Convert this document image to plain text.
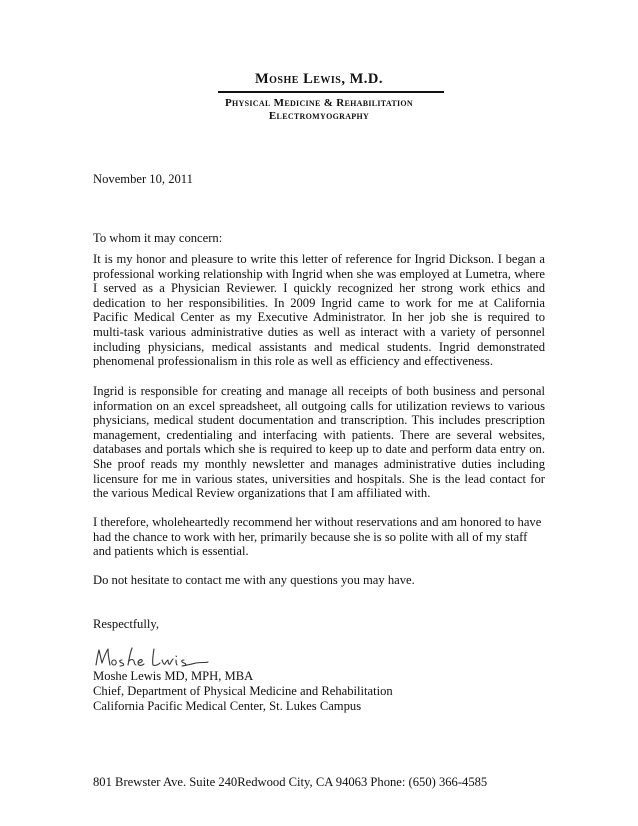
Moshe Lewis, M.D.
Physical Medicine & Rehabilitation
Electromyography
November 10, 2011
To whom it may concern:
It is my honor and pleasure to write this letter of reference for Ingrid Dickson. I began a professional working relationship with Ingrid when she was employed at Lumetra, where I served as a Physician Reviewer. I quickly recognized her strong work ethics and dedication to her responsibilities. In 2009 Ingrid came to work for me at California Pacific Medical Center as my Executive Administrator. In her job she is required to multi-task various administrative duties as well as interact with a variety of personnel including physicians, medical assistants and medical students. Ingrid demonstrated phenomenal professionalism in this role as well as efficiency and effectiveness.
Ingrid is responsible for creating and manage all receipts of both business and personal information on an excel spreadsheet, all outgoing calls for utilization reviews to various physicians, medical student documentation and transcription. This includes prescription management, credentialing and interfacing with patients. There are several websites, databases and portals which she is required to keep up to date and perform data entry on. She proof reads my monthly newsletter and manages administrative duties including licensure for me in various states, universities and hospitals. She is the lead contact for the various Medical Review organizations that I am affiliated with.
I therefore, wholeheartedly recommend her without reservations and am honored to have had the chance to work with her, primarily because she is so polite with all of my staff and patients which is essential.
Do not hesitate to contact me with any questions you may have.
Respectfully,
Moshe Lewis MD, MPH, MBA
Chief, Department of Physical Medicine and Rehabilitation
California Pacific Medical Center, St. Lukes Campus
801 Brewster Ave. Suite 240Redwood City, CA 94063 Phone: (650) 366-4585
